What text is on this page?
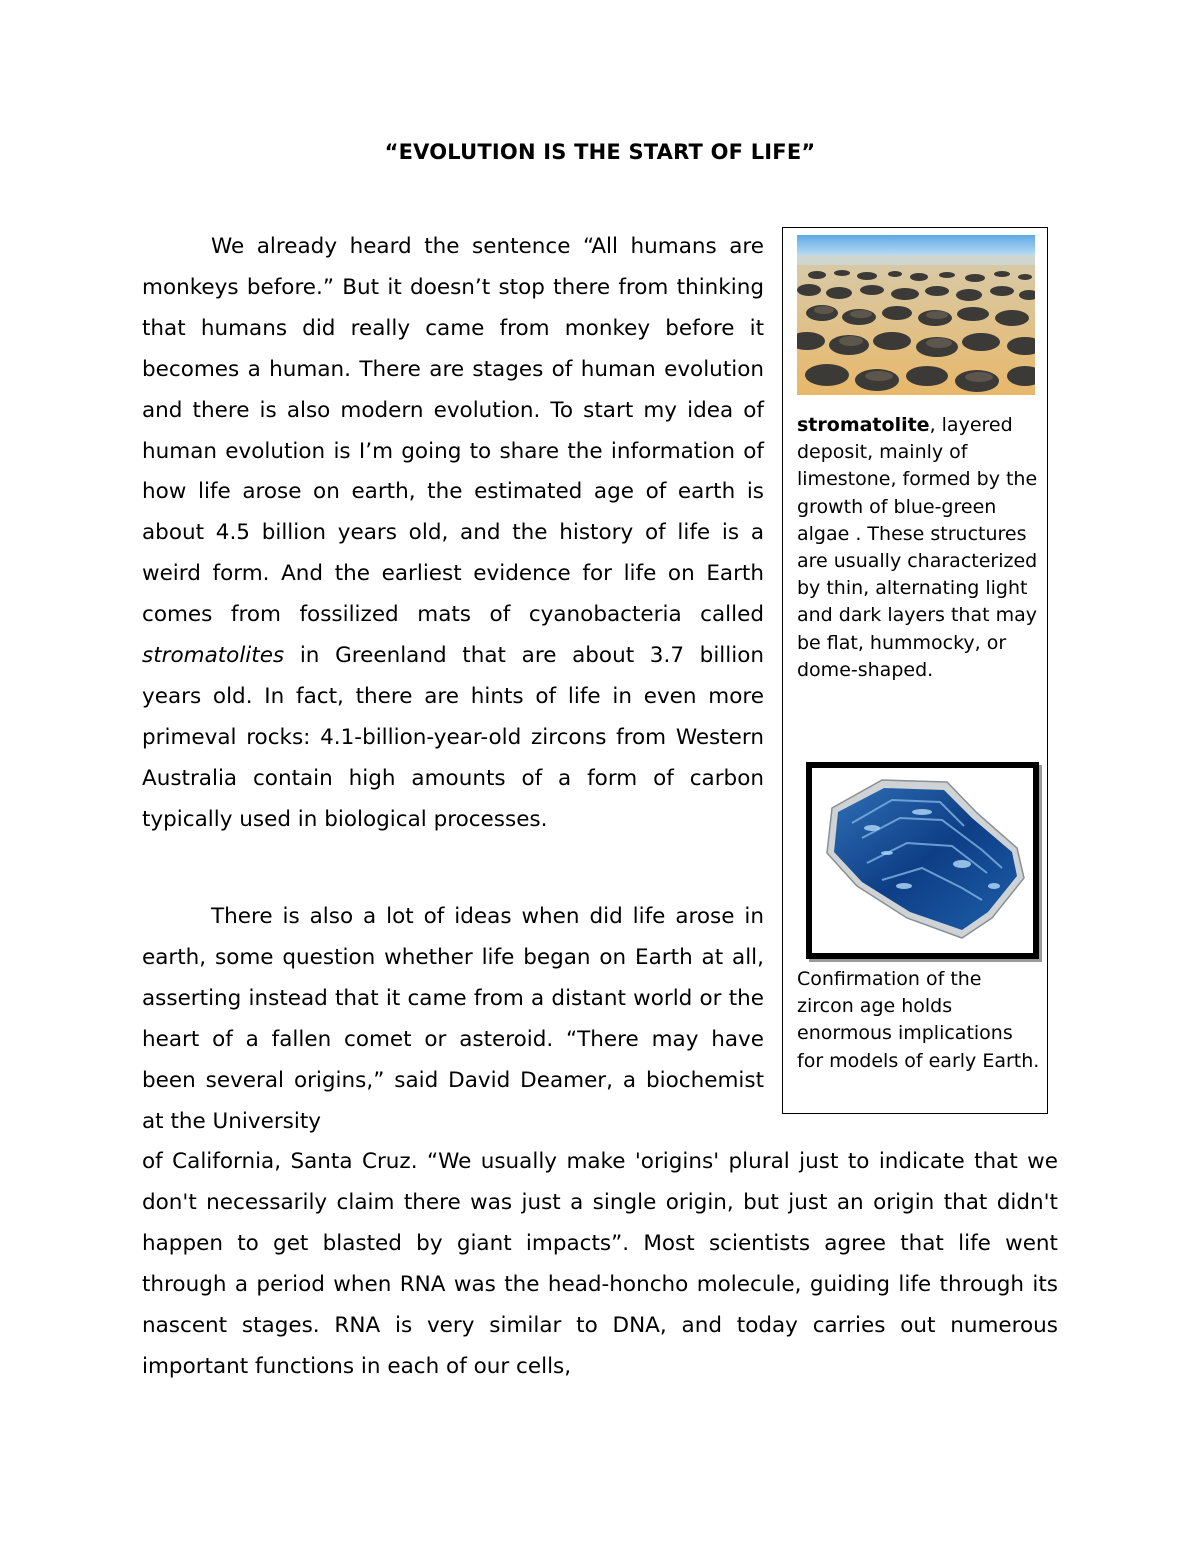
“EVOLUTION IS THE START OF LIFE”

We already heard the sentence “All humans are monkeys before.” But it doesn’t stop there from thinking that humans did really came from monkey before it becomes a human. There are stages of human evolution and there is also modern evolution. To start my idea of human evolution is I’m going to share the information of how life arose on earth, the estimated age of earth is about 4.5 billion years old, and the history of life is a weird form. And the earliest evidence for life on Earth comes from fossilized mats of cyanobacteria called stromatolites in Greenland that are about 3.7 billion years old. In fact, there are hints of life in even more primeval rocks: 4.1-billion-year-old zircons from Western Australia contain high amounts of a form of carbon typically used in biological processes.

There is also a lot of ideas when did life arose in earth, some question whether life began on Earth at all, asserting instead that it came from a distant world or the heart of a fallen comet or asteroid. “There may have been several origins,” said David Deamer, a biochemist at the University

of California, Santa Cruz. “We usually make 'origins' plural just to indicate that we don't necessarily claim there was just a single origin, but just an origin that didn't happen to get blasted by giant impacts”. Most scientists agree that life went through a period when RNA was the head-honcho molecule, guiding life through its nascent stages. RNA is very similar to DNA, and today carries out numerous important functions in each of our cells,

stromatolite, layered deposit, mainly of limestone, formed by the growth of blue-green algae . These structures are usually characterized by thin, alternating light and dark layers that may be flat, hummocky, or dome-shaped.

Confirmation of the zircon age holds enormous implications for models of early Earth.
